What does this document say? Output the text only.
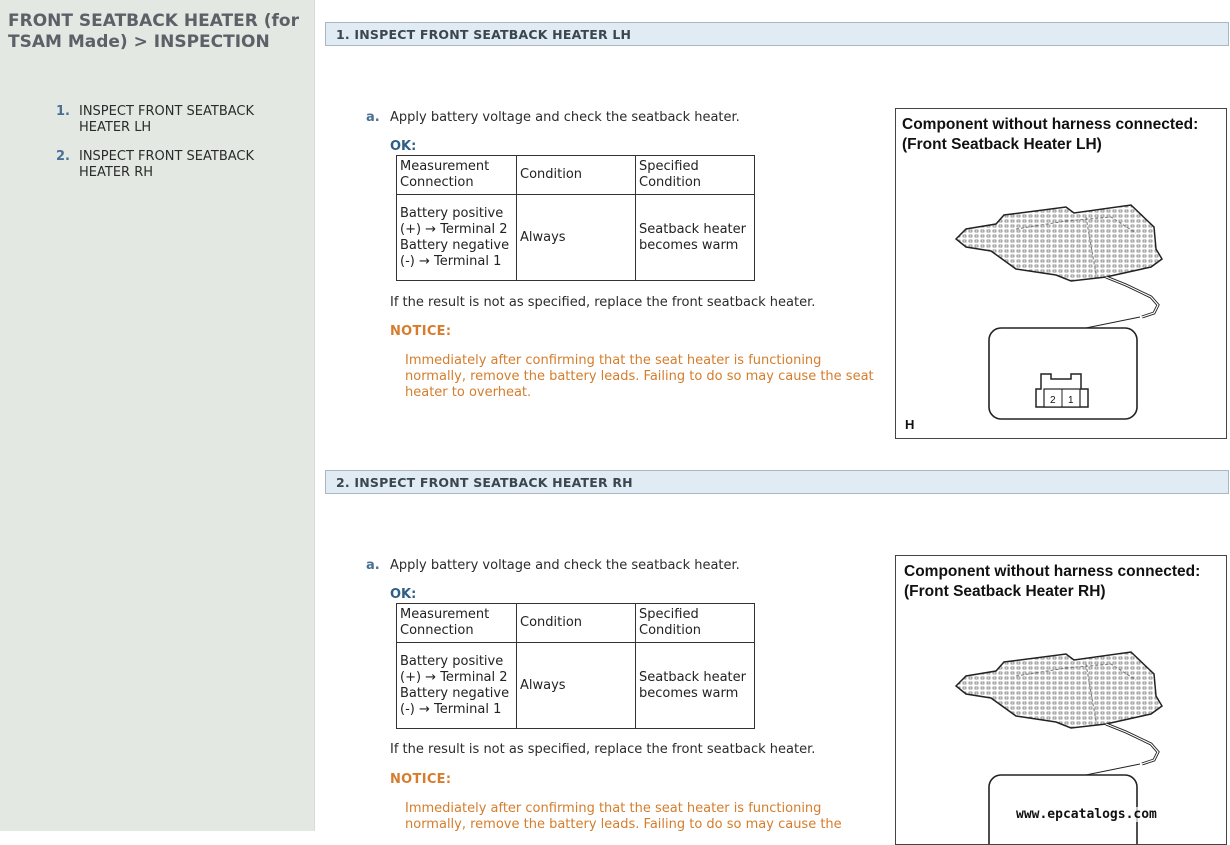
FRONT SEATBACK HEATER (for TSAM Made) > INSPECTION
1. INSPECT FRONT SEATBACK HEATER LH
2. INSPECT FRONT SEATBACK HEATER RH
1. INSPECT FRONT SEATBACK HEATER LH
a. Apply battery voltage and check the seatback heater.
OK:
Measurement Connection	Condition	Specified Condition
Battery positive (+) → Terminal 2 Battery negative (-) → Terminal 1	Always	Seatback heater becomes warm
If the result is not as specified, replace the front seatback heater.
NOTICE:
Immediately after confirming that the seat heater is functioning normally, remove the battery leads. Failing to do so may cause the seat heater to overheat.
Component without harness connected:
(Front Seatback Heater LH)
2 1
H
2. INSPECT FRONT SEATBACK HEATER RH
a. Apply battery voltage and check the seatback heater.
OK:
Measurement Connection	Condition	Specified Condition
Battery positive (+) → Terminal 2 Battery negative (-) → Terminal 1	Always	Seatback heater becomes warm
If the result is not as specified, replace the front seatback heater.
NOTICE:
Immediately after confirming that the seat heater is functioning normally, remove the battery leads. Failing to do so may cause the
Component without harness connected:
(Front Seatback Heater RH)
www.epcatalogs.com
